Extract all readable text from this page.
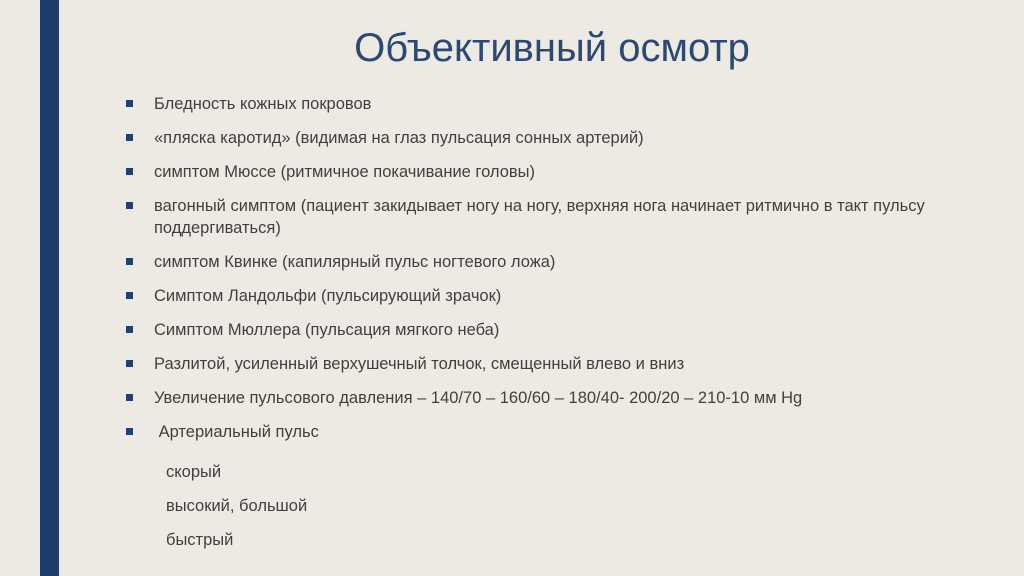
Объективный осмотр
Бледность кожных покровов
«пляска каротид» (видимая на глаз пульсация сонных артерий)
симптом Мюссе (ритмичное покачивание головы)
вагонный симптом (пациент закидывает ногу на ногу, верхняя нога начинает ритмично в такт пульсу поддергиваться)
симптом Квинке (капилярный пульс ногтевого ложа)
Симптом Ландольфи (пульсирующий зрачок)
Симптом Мюллера (пульсация мягкого неба)
Разлитой, усиленный верхушечный толчок, смещенный влево и вниз
Увеличение пульсового давления – 140/70 – 160/60 – 180/40- 200/20 – 210-10 мм Hg
Артериальный пульс
скорый
высокий, большой
быстрый
